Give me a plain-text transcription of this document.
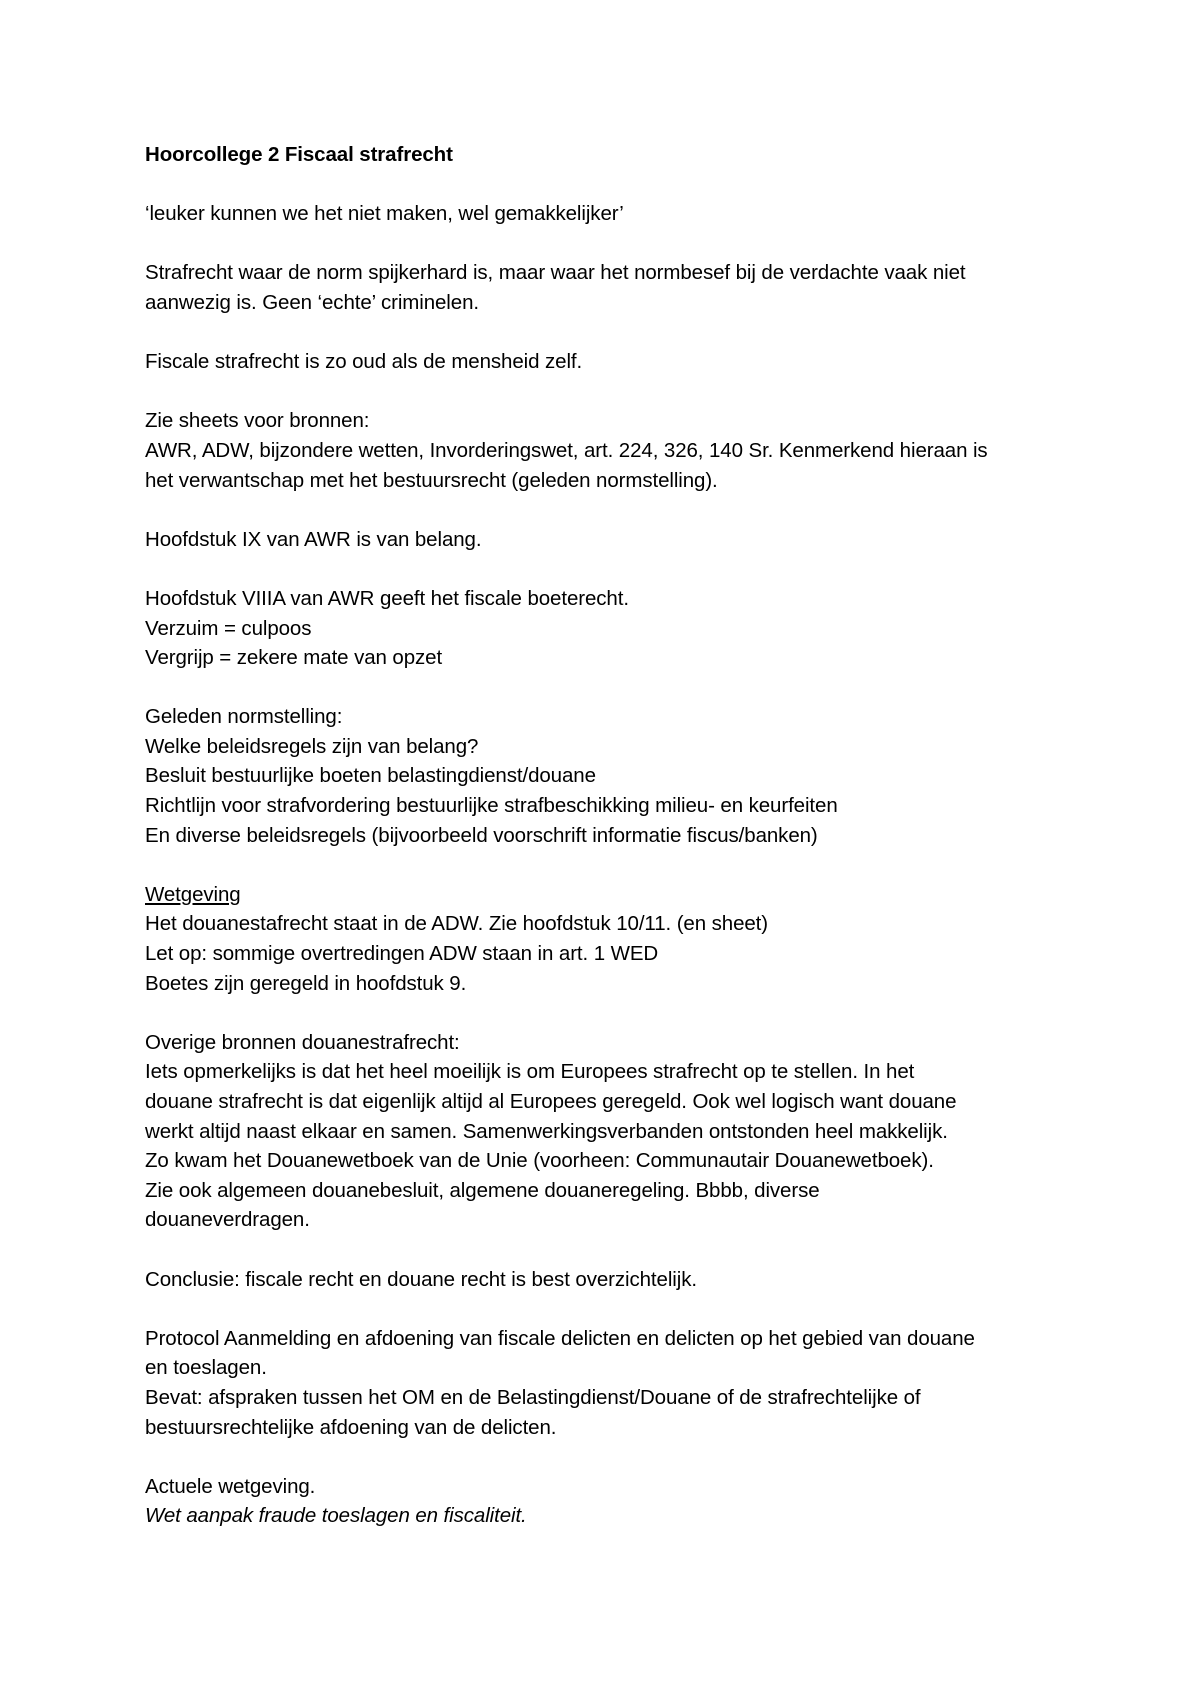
Hoorcollege 2 Fiscaal strafrecht
‘leuker kunnen we het niet maken, wel gemakkelijker’
Strafrecht waar de norm spijkerhard is, maar waar het normbesef bij de verdachte vaak niet
aanwezig is. Geen ‘echte’ criminelen.
Fiscale strafrecht is zo oud als de mensheid zelf.
Zie sheets voor bronnen:
AWR, ADW, bijzondere wetten, Invorderingswet, art. 224, 326, 140 Sr. Kenmerkend hieraan is
het verwantschap met het bestuursrecht (geleden normstelling).
Hoofdstuk IX van AWR is van belang.
Hoofdstuk VIIIA van AWR geeft het fiscale boeterecht.
Verzuim = culpoos
Vergrijp = zekere mate van opzet
Geleden normstelling:
Welke beleidsregels zijn van belang?
Besluit bestuurlijke boeten belastingdienst/douane
Richtlijn voor strafvordering bestuurlijke strafbeschikking milieu- en keurfeiten
En diverse beleidsregels (bijvoorbeeld voorschrift informatie fiscus/banken)
Wetgeving
Het douanestafrecht staat in de ADW. Zie hoofdstuk 10/11. (en sheet)
Let op: sommige overtredingen ADW staan in art. 1 WED
Boetes zijn geregeld in hoofdstuk 9.
Overige bronnen douanestrafrecht:
Iets opmerkelijks is dat het heel moeilijk is om Europees strafrecht op te stellen. In het
douane strafrecht is dat eigenlijk altijd al Europees geregeld. Ook wel logisch want douane
werkt altijd naast elkaar en samen. Samenwerkingsverbanden ontstonden heel makkelijk.
Zo kwam het Douanewetboek van de Unie (voorheen: Communautair Douanewetboek).
Zie ook algemeen douanebesluit, algemene douaneregeling. Bbbb, diverse
douaneverdragen.
Conclusie: fiscale recht en douane recht is best overzichtelijk.
Protocol Aanmelding en afdoening van fiscale delicten en delicten op het gebied van douane
en toeslagen.
Bevat: afspraken tussen het OM en de Belastingdienst/Douane of de strafrechtelijke of
bestuursrechtelijke afdoening van de delicten.
Actuele wetgeving.
Wet aanpak fraude toeslagen en fiscaliteit.
